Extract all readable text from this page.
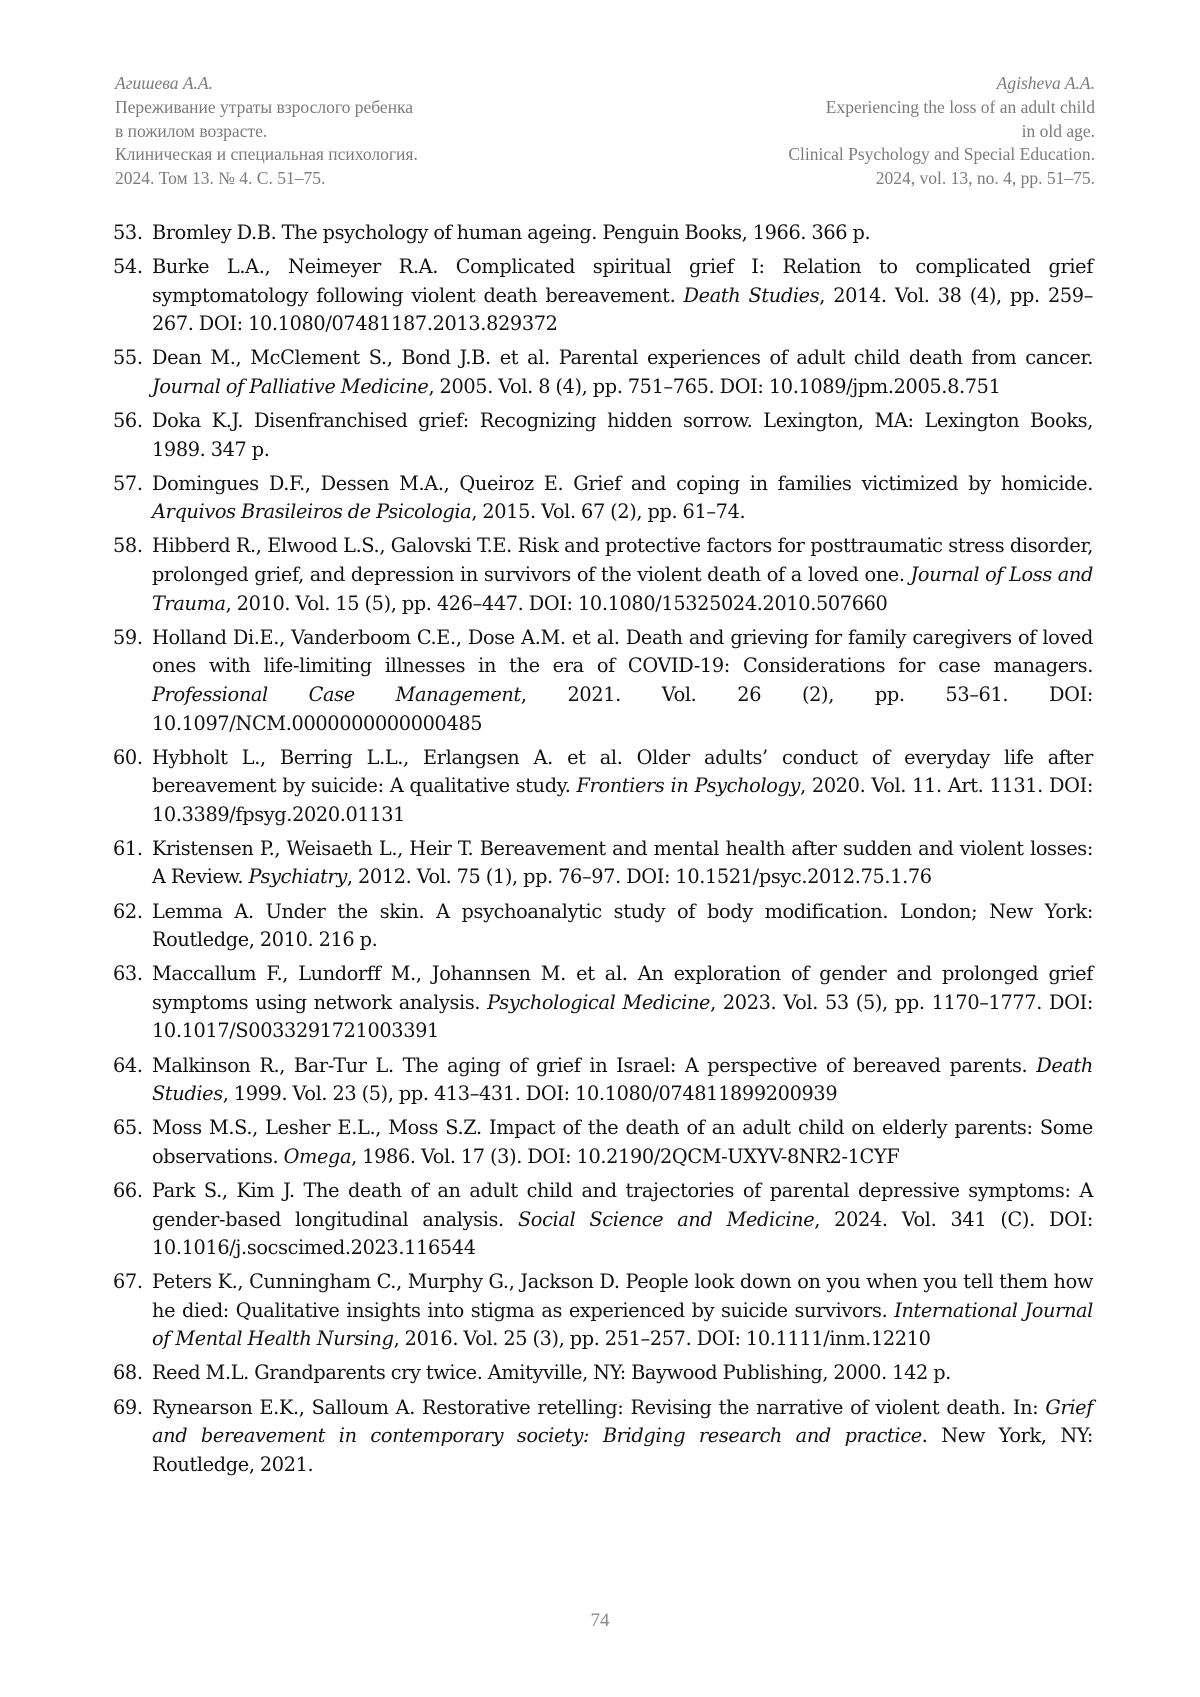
Агишева А.А.
Переживание утраты взрослого ребенка
в пожилом возрасте.
Клиническая и специальная психология.
2024. Том 13. № 4. С. 51–75.
Agisheva A.A.
Experiencing the loss of an adult child
in old age.
Clinical Psychology and Special Education.
2024, vol. 13, no. 4, pp. 51–75.
53. Bromley D.B. The psychology of human ageing. Penguin Books, 1966. 366 p.
54. Burke L.A., Neimeyer R.A. Complicated spiritual grief I: Relation to complicated grief symptomatology following violent death bereavement. Death Studies, 2014. Vol. 38 (4), pp. 259–267. DOI: 10.1080/07481187.2013.829372
55. Dean M., McClement S., Bond J.B. et al. Parental experiences of adult child death from cancer. Journal of Palliative Medicine, 2005. Vol. 8 (4), pp. 751–765. DOI: 10.1089/jpm.2005.8.751
56. Doka K.J. Disenfranchised grief: Recognizing hidden sorrow. Lexington, MA: Lexington Books, 1989. 347 p.
57. Domingues D.F., Dessen M.A., Queiroz E. Grief and coping in families victimized by homicide. Arquivos Brasileiros de Psicologia, 2015. Vol. 67 (2), pp. 61–74.
58. Hibberd R., Elwood L.S., Galovski T.E. Risk and protective factors for posttraumatic stress disorder, prolonged grief, and depression in survivors of the violent death of a loved one. Journal of Loss and Trauma, 2010. Vol. 15 (5), pp. 426–447. DOI: 10.1080/15325024.2010.507660
59. Holland Di.E., Vanderboom C.E., Dose A.M. et al. Death and grieving for family caregivers of loved ones with life-limiting illnesses in the era of COVID-19: Considerations for case managers. Professional Case Management, 2021. Vol. 26 (2), pp. 53–61. DOI: 10.1097/NCM.0000000000000485
60. Hybholt L., Berring L.L., Erlangsen A. et al. Older adults’ conduct of everyday life after bereavement by suicide: A qualitative study. Frontiers in Psychology, 2020. Vol. 11. Art. 1131. DOI: 10.3389/fpsyg.2020.01131
61. Kristensen P., Weisaeth L., Heir T. Bereavement and mental health after sudden and violent losses: A Review. Psychiatry, 2012. Vol. 75 (1), pp. 76–97. DOI: 10.1521/psyc.2012.75.1.76
62. Lemma A. Under the skin. A psychoanalytic study of body modification. London; New York: Routledge, 2010. 216 p.
63. Maccallum F., Lundorff M., Johannsen M. et al. An exploration of gender and prolonged grief symptoms using network analysis. Psychological Medicine, 2023. Vol. 53 (5), pp. 1170–1777. DOI: 10.1017/S0033291721003391
64. Malkinson R., Bar-Tur L. The aging of grief in Israel: A perspective of bereaved parents. Death Studies, 1999. Vol. 23 (5), pp. 413–431. DOI: 10.1080/074811899200939
65. Moss M.S., Lesher E.L., Moss S.Z. Impact of the death of an adult child on elderly parents: Some observations. Omega, 1986. Vol. 17 (3). DOI: 10.2190/2QCM-UXYV-8NR2-1CYF
66. Park S., Kim J. The death of an adult child and trajectories of parental depressive symptoms: A gender-based longitudinal analysis. Social Science and Medicine, 2024. Vol. 341 (C). DOI: 10.1016/j.socscimed.2023.116544
67. Peters K., Cunningham C., Murphy G., Jackson D. People look down on you when you tell them how he died: Qualitative insights into stigma as experienced by suicide survivors. International Journal of Mental Health Nursing, 2016. Vol. 25 (3), pp. 251–257. DOI: 10.1111/inm.12210
68. Reed M.L. Grandparents cry twice. Amityville, NY: Baywood Publishing, 2000. 142 p.
69. Rynearson E.K., Salloum A. Restorative retelling: Revising the narrative of violent death. In: Grief and bereavement in contemporary society: Bridging research and practice. New York, NY: Routledge, 2021.
74
